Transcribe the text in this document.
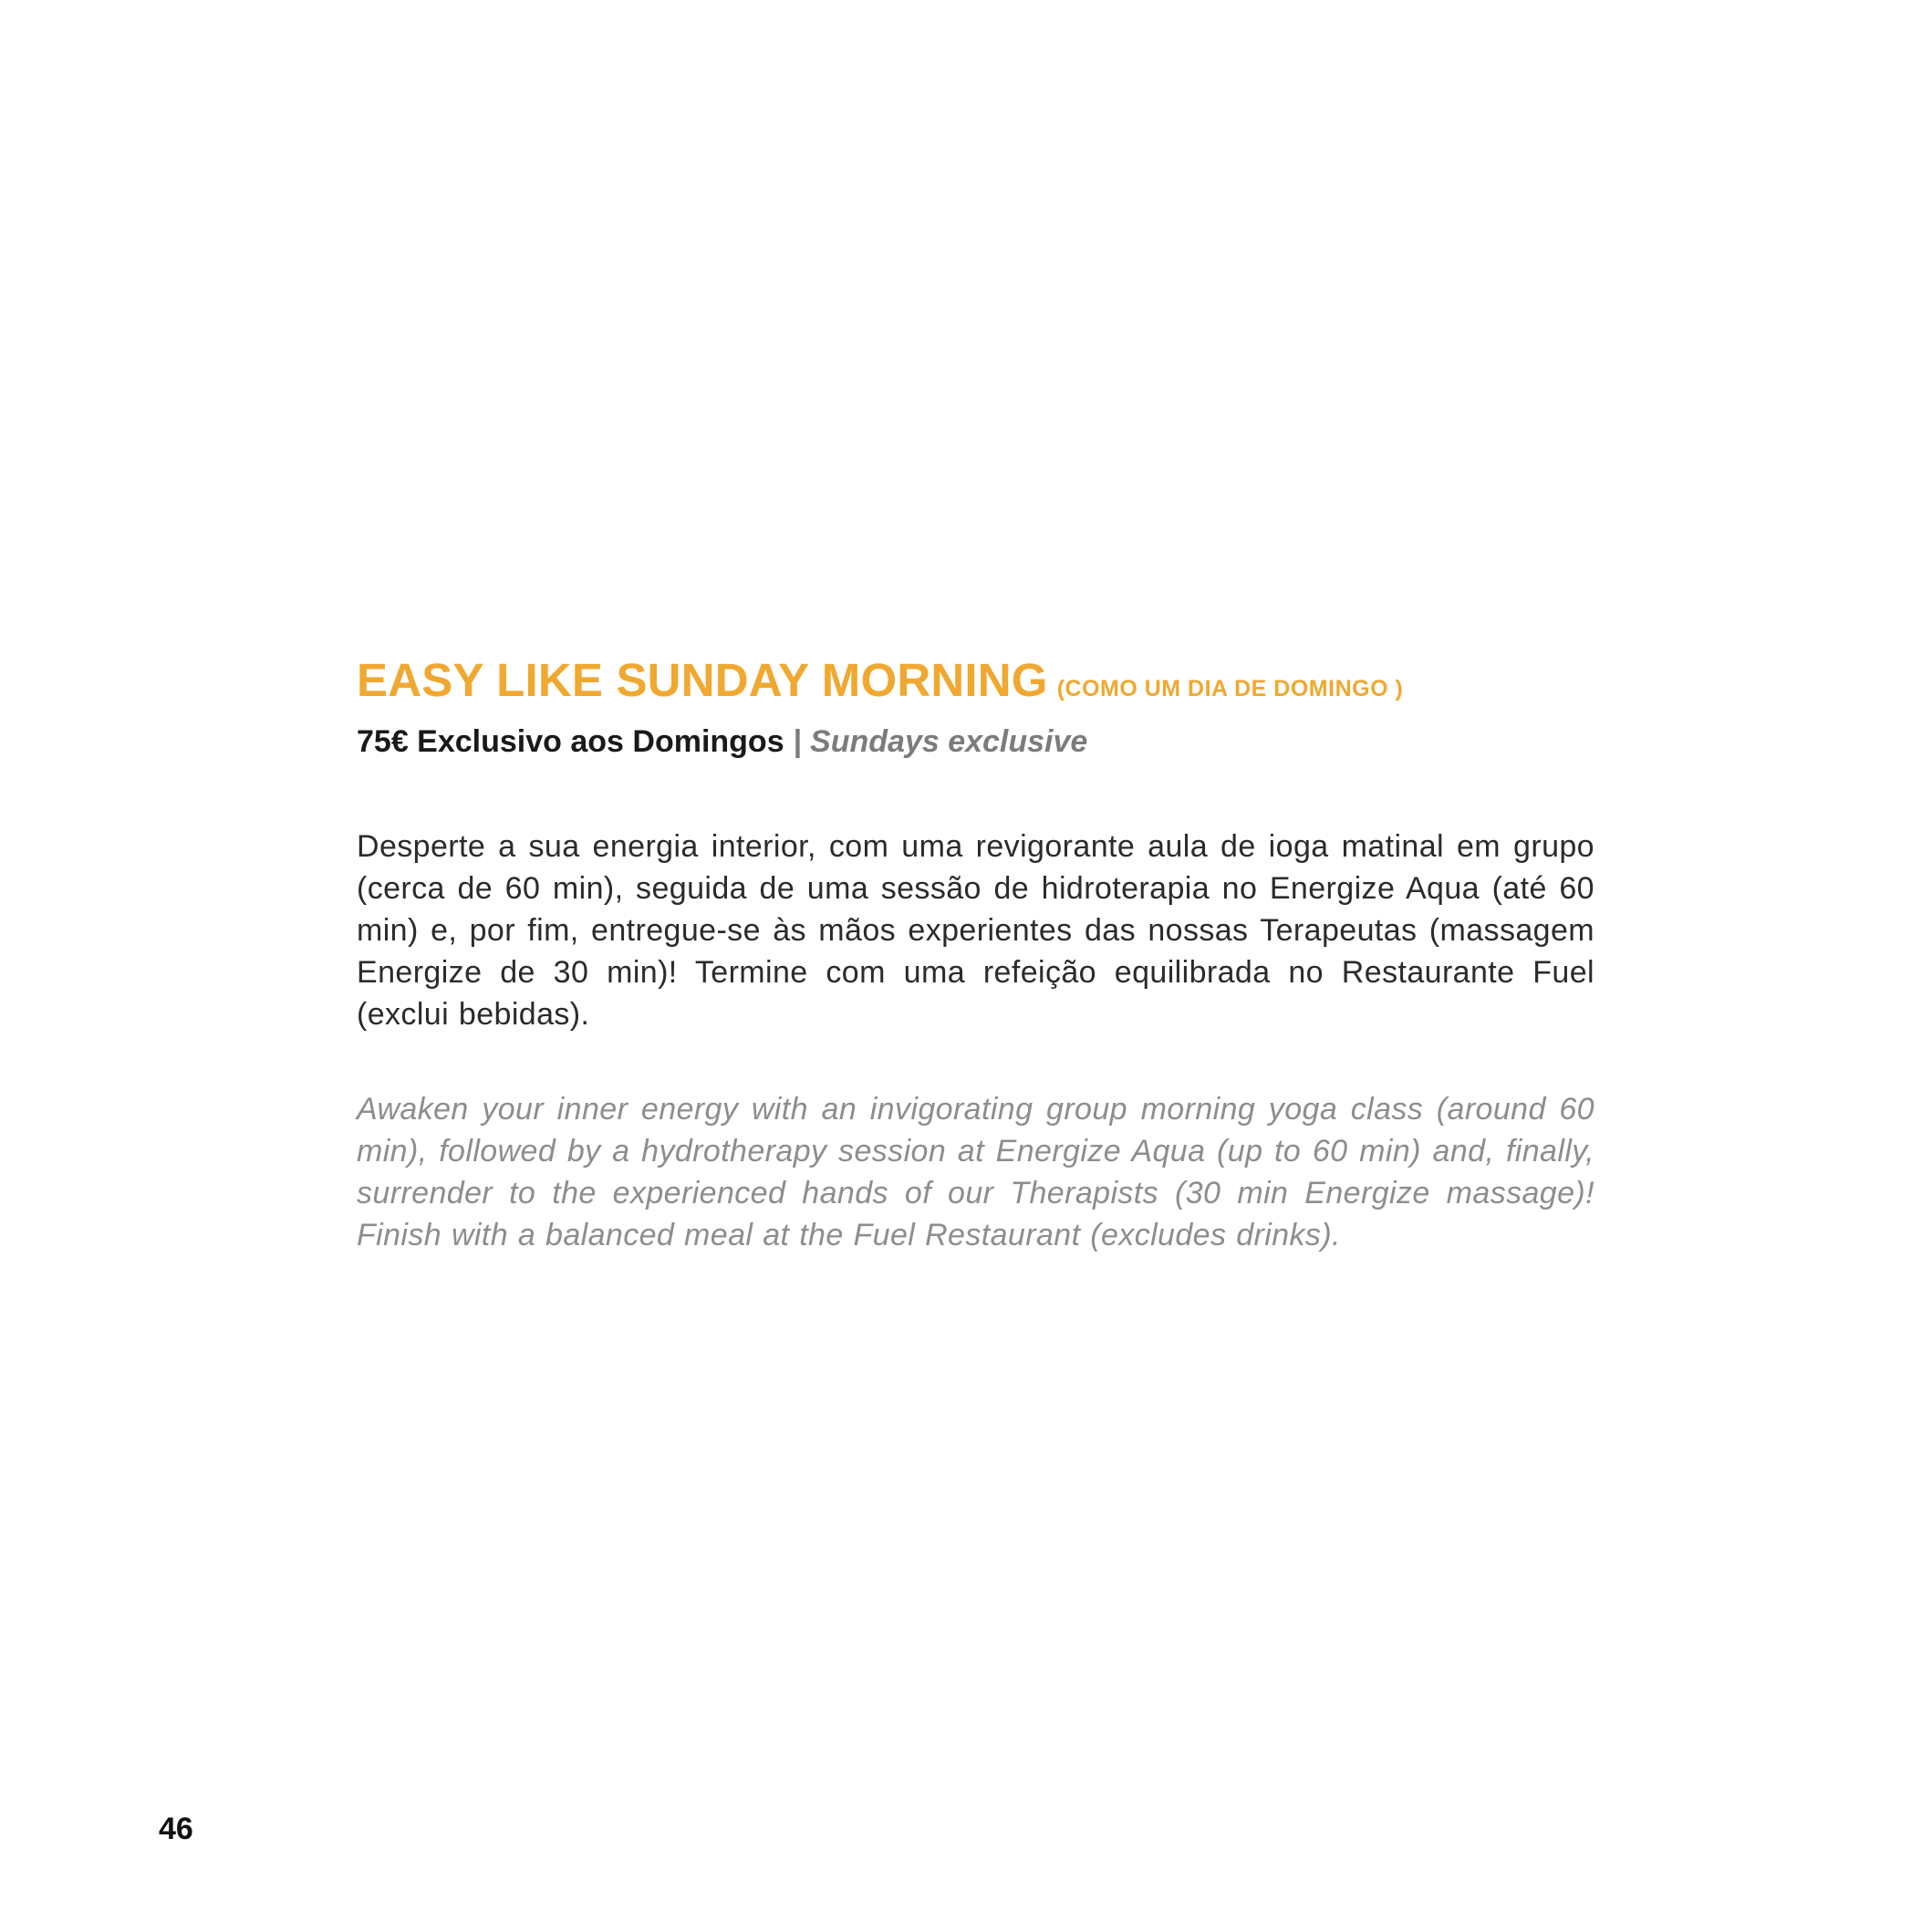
EASY LIKE SUNDAY MORNING (COMO UM DIA DE DOMINGO )

75€ Exclusivo aos Domingos | Sundays exclusive

Desperte a sua energia interior, com uma revigorante aula de ioga matinal em grupo (cerca de 60 min), seguida de uma sessão de hidroterapia no Energize Aqua (até 60 min) e, por fim, entregue-se às mãos experientes das nossas Terapeutas (massagem Energize de 30 min)! Termine com uma refeição equilibrada no Restaurante Fuel (exclui bebidas).

Awaken your inner energy with an invigorating group morning yoga class (around 60 min), followed by a hydrotherapy session at Energize Aqua (up to 60 min) and, finally, surrender to the experienced hands of our Therapists (30 min Energize massage)! Finish with a balanced meal at the Fuel Restaurant (excludes drinks).

46
